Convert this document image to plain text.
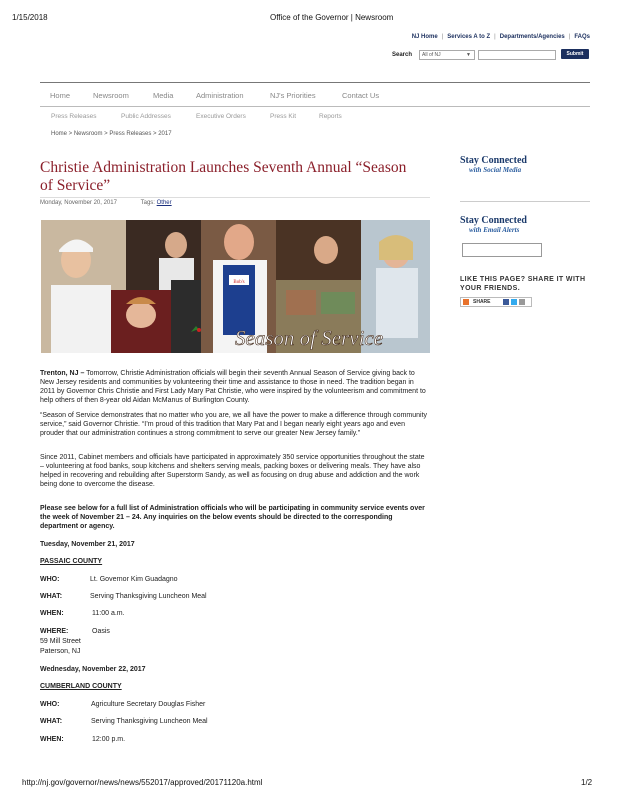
1/15/2018	Office of the Governor | Newsroom
NJ Home | Services A to Z | Departments/Agencies | FAQs
Search	All of NJ	▼	Submit
Home	Newsroom	Media	Administration	NJ's Priorities	Contact Us
Press Releases	Public Addresses	Executive Orders	Press Kit	Reports
Home > Newsroom > Press Releases > 2017
Christie Administration Launches Seventh Annual “Season of Service”
Monday, November 20, 2017	Tags: Other
Bob's
Season of Service

Trenton, NJ – Tomorrow, Christie Administration officials will begin their seventh Annual Season of Service giving back to New Jersey residents and communities by volunteering their time and assistance to those in need. The tradition began in 2011 by Governor Chris Christie and First Lady Mary Pat Christie, who were inspired by the volunteerism and commitment to help others of then 8-year old Aidan McManus of Burlington County.

“Season of Service demonstrates that no matter who you are, we all have the power to make a difference through community service,” said Governor Christie. “I’m proud of this tradition that Mary Pat and I began nearly eight years ago and even prouder that our administration continues a strong commitment to serve our greater New Jersey family.”
Since 2011, Cabinet members and officials have participated in approximately 350 service opportunities throughout the state – volunteering at food banks, soup kitchens and shelters serving meals, packing boxes or delivering meals. They have also helped in recovering and rebuilding after Superstorm Sandy, as well as focusing on drug abuse and addiction and the work being done to overcome the disease.
Please see below for a full list of Administration officials who will be participating in community service events over the week of November 21 – 24. Any inquiries on the below events should be directed to the corresponding department or agency.
Tuesday, November 21, 2017
PASSAIC COUNTY
WHO:	Lt. Governor Kim Guadagno
WHAT:	Serving Thanksgiving Luncheon Meal
WHEN:	11:00 a.m.
WHERE:	Oasis
59 Mill Street
Paterson, NJ
Wednesday, November 22, 2017
CUMBERLAND COUNTY
WHO:	Agriculture Secretary Douglas Fisher
WHAT:	Serving Thanksgiving Luncheon Meal
WHEN:	12:00 p.m.
Stay Connected
with Social Media
Stay Connected
with Email Alerts
LIKE THIS PAGE? SHARE IT WITH YOUR FRIENDS.
SHARE
http://nj.gov/governor/news/news/552017/approved/20171120a.html	1/2
